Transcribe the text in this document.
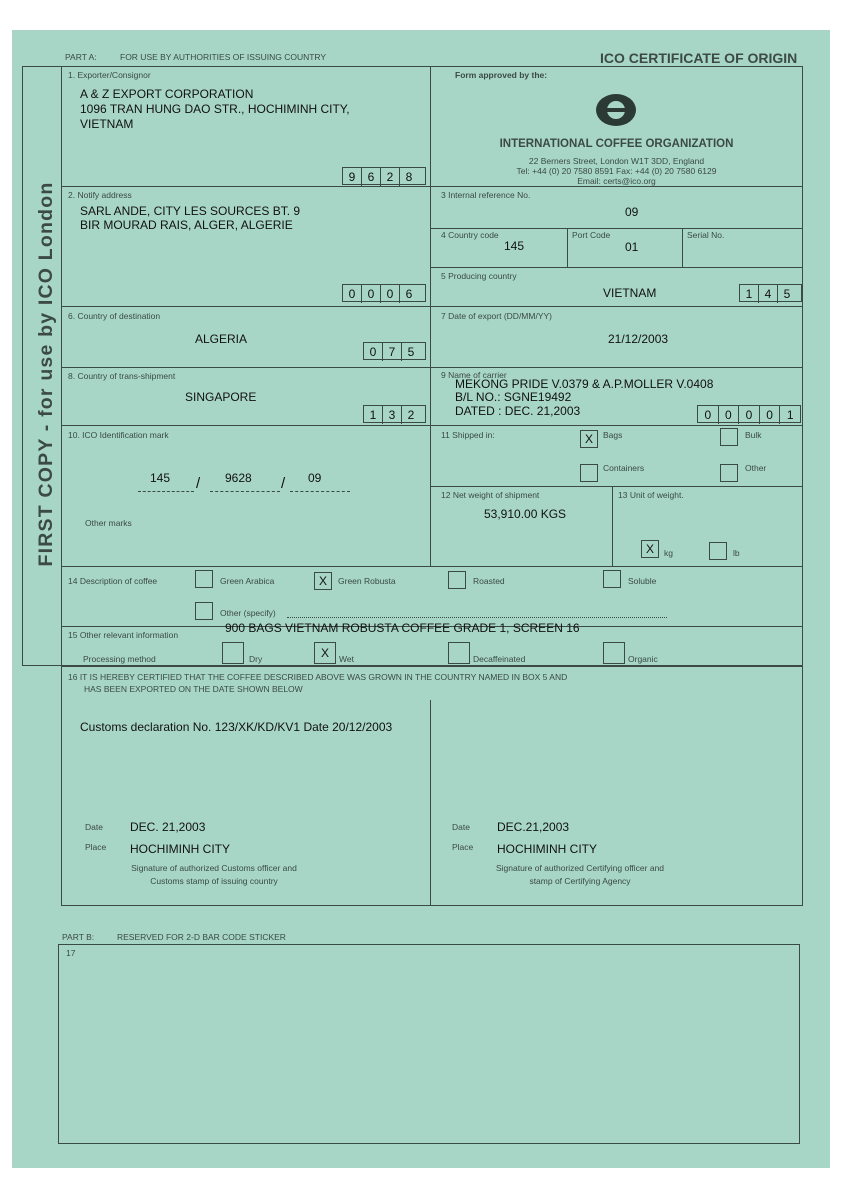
PART A:	FOR USE BY AUTHORITIES OF ISSUING COUNTRY	ICO CERTIFICATE OF ORIGIN
FIRST COPY - for use by ICO London
1. Exporter/Consignor
A & Z EXPORT CORPORATION
1096 TRAN HUNG DAO STR., HOCHIMINH CITY,
VIETNAM
9	6	2	8
Form approved by the:
INTERNATIONAL COFFEE ORGANIZATION
22 Berners Street, London W1T 3DD, England
Tel: +44 (0) 20 7580 8591 Fax: +44 (0) 20 7580 6129
Email: certs@ico.org
2. Notify address
SARL ANDE, CITY LES SOURCES BT. 9
BIR MOURAD RAIS, ALGER, ALGERIE
0	0	0	6
3 Internal reference No.
09
4 Country code
145
Port Code
01
Serial No.
5 Producing country
VIETNAM	1	4	5
6. Country of destination
ALGERIA
0	7	5
7 Date of export (DD/MM/YY)
21/12/2003
8. Country of trans-shipment
SINGAPORE
1	3	2
9 Name of carrier
MEKONG PRIDE V.0379 & A.P.MOLLER V.0408
B/L NO.: SGNE19492
DATED : DEC. 21,2003	0	0	0	0	1
10. ICO Identification mark
145 / 9628 / 09
Other marks
11 Shipped in:	X	Bags	Bulk
Containers	Other
12 Net weight of shipment
53,910.00 KGS
13 Unit of weight.
X	kg	lb
14 Description of coffee	Green Arabica	X	Green Robusta	Roasted	Soluble
Other (specify)
15 Other relevant information	900 BAGS VIETNAM ROBUSTA COFFEE GRADE 1, SCREEN 16
Processing method	Dry	X	Wet	Decaffeinated	Organic
16 IT IS HEREBY CERTIFIED THAT THE COFFEE DESCRIBED ABOVE WAS GROWN IN THE COUNTRY NAMED IN BOX 5 AND
HAS BEEN EXPORTED ON THE DATE SHOWN BELOW
Customs declaration No. 123/XK/KD/KV1 Date 20/12/2003
Date DEC. 21,2003
Place HOCHIMINH CITY
Signature of authorized Customs officer and
Customs stamp of issuing country
Date DEC.21,2003
Place HOCHIMINH CITY
Signature of authorized Certifying officer and
stamp of Certifying Agency
PART B:	RESERVED FOR 2-D BAR CODE STICKER
17
